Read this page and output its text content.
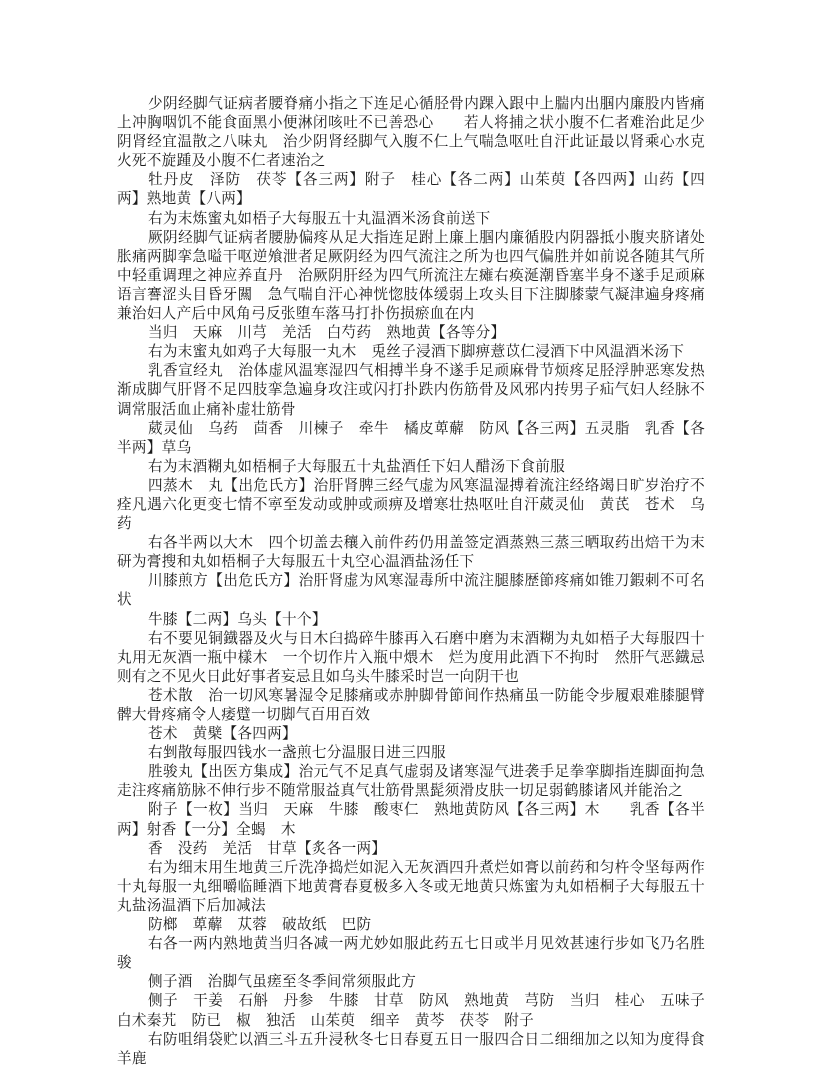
少阴经脚气证病者腰脊痛小指之下连足心循胫骨内踝入跟中上腨内出腘内廉股内皆痛上冲胸咽饥不能食面黑小便淋闭咳吐不已善恐心　　若人将捕之状小腹不仁者难治此足少阴肾经宜温散之八味丸　治少阴肾经脚气入腹不仁上气喘急呕吐自汗此证最以肾乘心水克火死不旋踵及小腹不仁者速治之

牡丹皮　泽防　茯苓【各三两】附子　桂心【各二两】山茱萸【各四两】山药【四两】熟地黄【八两】

右为末炼蜜丸如梧子大每服五十丸温酒米汤食前送下

厥阴经脚气证病者腰胁偏疼从足大指连足跗上廉上腘内廉循股内阴器抵小腹夹脐诸处胀痛两脚挛急嗌干呕逆飧泄者足厥阴经为四气流注之所为也四气偏胜并如前说各随其气所中轻重调理之神应养直丹　治厥阴肝经为四气所流注左瘫右痪涎潮昏塞半身不遂手足顽麻语言謇涩头目昏牙闗　急气喘自汗心神恍惚肢体缓弱上攻头目下注脚膝蒙气凝津遍身疼痛兼治妇人产后中风角弓反张堕车落马打扑伤损瘀血在内

当归　天麻　川芎　羌活　白芍药　熟地黄【各等分】

右为末蜜丸如鸡子大每服一丸木　兎丝子浸酒下脚痹薏苡仁浸酒下中风温酒米汤下

乳香宣经丸　治体虚风温寒湿四气相搏半身不遂手足顽麻骨节烦疼足胫浮肿恶寒发热渐成脚气肝肾不足四肢挛急遍身攻注或闪打扑跌内伤筋骨及风邪内抟男子疝气妇人经脉不调常服活血止痛补虚壮筋骨

葳灵仙　乌药　茴香　川楝子　牵牛　橘皮萆薢　防风【各三两】五灵脂　乳香【各半两】草乌

右为末酒糊丸如梧桐子大每服五十丸盐酒任下妇人醋汤下食前服

四蒸木　丸【出危氏方】治肝肾脾三经气虚为风寒温湿搏着流注经络竭日旷岁治疗不痊凡遇六化更变七情不寕至发动或肿或顽痹及增寒壮热呕吐自汗葳灵仙　黄芪　苍术　乌药

右各半两以大木　四个切盖去穰入前件药仍用盖签定酒蒸熟三蒸三晒取药出焙干为末研为膏搜和丸如梧桐子大每服五十丸空心温酒盐汤任下

川膝煎方【出危氏方】治肝肾虚为风寒湿毒所中流注腿膝歴節疼痛如锥刀鍜刺不可名状

牛膝【二两】乌头【十个】

右不要见铜鐡器及火与日木臼捣碎牛膝再入石磨中磨为末酒糊为丸如梧子大每服四十丸用无灰酒一瓶中樣木　一个切作片入瓶中煨木　烂为度用此酒下不拘时　然肝气恶鐡忌则有之不见火日此好事者妄忌且如乌头牛膝采时岂一向阴干也

苍术散　治一切风寒暑湿令足膝痛或赤肿脚骨節间作热痛虽一防能令步履艰难膝腿臂髀大骨疼痛令人痿躄一切脚气百用百效

苍术　黄檗【各四两】

右剉散每服四钱水一盏煎七分温服日进三四服

胜骏丸【出医方集成】治元气不足真气虚弱及诸寒湿气进袭手足拳挛脚指连脚面拘急走注疼痛筋脉不伸行步不随常服益真气壮筋骨黑髭须滑皮肤一切足弱鹤膝诸风并能治之

附子【一枚】当归　天麻　牛膝　酸枣仁　熟地黄防风【各三两】木　　乳香【各半两】射香【一分】全蝎　木

香　没药　羌活　甘草【炙各一两】

右为细末用生地黄三斤洗净捣烂如泥入无灰酒四升煮烂如膏以前药和匀杵令坚每两作十丸每服一丸细嚼临睡酒下地黄膏春夏极多入冬或无地黄只炼蜜为丸如梧桐子大每服五十丸盐汤温酒下后加减法

防榔　萆薢　苁蓉　破故纸　巴防

右各一两内熟地黄当归各减一两尤妙如服此药五七日或半月见效甚速行步如飞乃名胜骏

侧子酒　治脚气虽瘥至冬季间常须服此方

侧子　干姜　石斛　丹参　牛膝　甘草　防风　熟地黄　芎防　当归　桂心　五味子白术秦艽　防已　椒　独活　山茱萸　细辛　黄芩　茯苓　附子

右防咀绢袋贮以酒三斗五升浸秋冬七日春夏五日一服四合日二细细加之以知为度得食羊鹿
